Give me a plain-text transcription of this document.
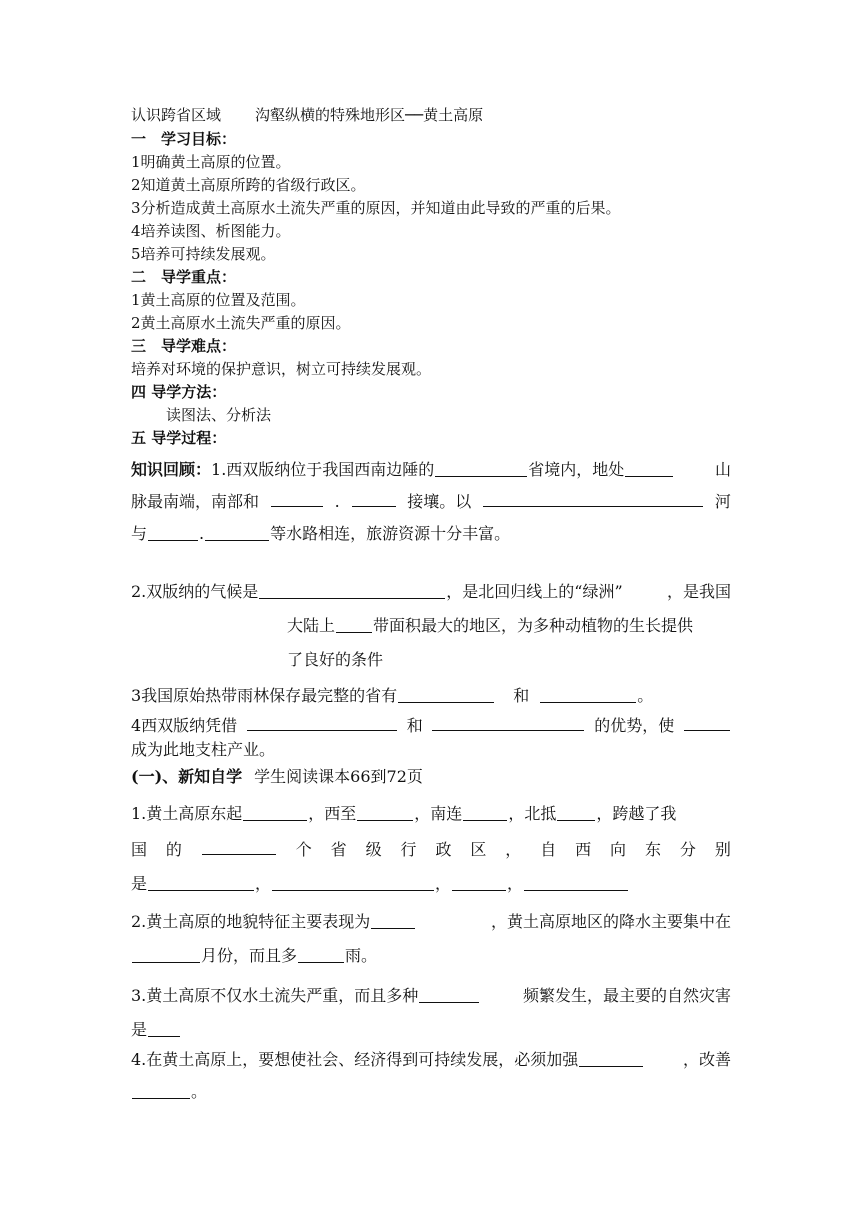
认识跨省区域 沟壑纵横的特殊地形区──黄土高原
一　学习目标：
1明确黄土高原的位置。
2知道黄土高原所跨的省级行政区。
3分析造成黄土高原水土流失严重的原因，并知道由此导致的严重的后果。
4培养读图、析图能力。
5培养可持续发展观。
二　导学重点：
1黄土高原的位置及范围。
2黄土高原水土流失严重的原因。
三　导学难点：
培养对环境的保护意识，树立可持续发展观。
四 导学方法：
读图法、分析法
五 导学过程：
知识回顾：1.西双版纳位于我国西南边陲的	省境内，地处	山
脉最南端，南部和	.	接壤。以	河
与	.	等水路相连，旅游资源十分丰富。
2.双版纳的气候是	，是北回归线上的“绿洲”	，是我国
大陆上 带面积最大的地区，为多种动植物的生长提供
了良好的条件
3我国原始热带雨林保存最完整的省有	和	。
4西双版纳凭借	和	的优势，使
成为此地支柱产业。
(一)、新知自学 学生阅读课本66到72页
1.黄土高原东起	，西至	，南连	，北抵	，跨越了我
国 的	个 省 级 行 政 区 ， 自 西 向 东 分 别
是	，	，	，
2.黄土高原的地貌特征主要表现为	，黄土高原地区的降水主要集中在
月份，而且多	雨。
3.黄土高原不仅水土流失严重，而且多种	频繁发生，最主要的自然灾害
是
4.在黄土高原上，要想使社会、经济得到可持续发展，必须加强	，改善
。
